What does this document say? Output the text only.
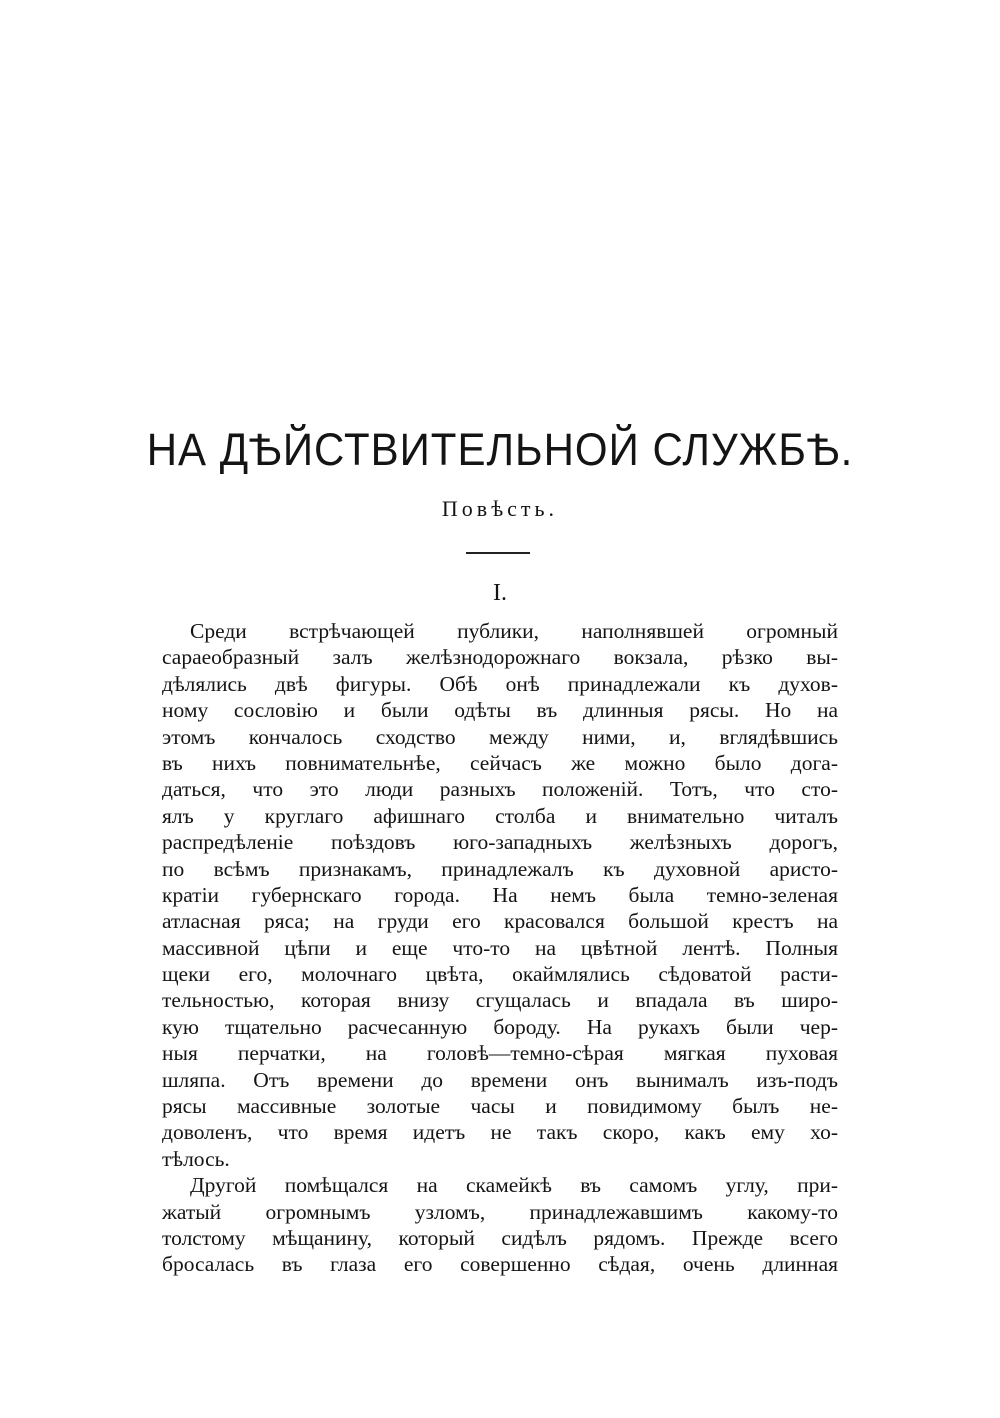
НА ДѢЙСТВИТЕЛЬНОЙ СЛУЖБѢ.
Повѣсть.
I.
Среди встрѣчающей публики, наполнявшей огромный
сараеобразный залъ желѣзнодорожнаго вокзала, рѣзко вы-
дѣлялись двѣ фигуры. Обѣ онѣ принадлежали къ духов-
ному сословію и были одѣты въ длинныя рясы. Но на
этомъ кончалось сходство между ними, и, вглядѣвшись
въ нихъ повнимательнѣе, сейчасъ же можно было дога-
даться, что это люди разныхъ положеній. Тотъ, что сто-
ялъ у круглаго афишнаго столба и внимательно читалъ
распредѣленіе поѣздовъ юго-западныхъ желѣзныхъ дорогъ,
по всѣмъ признакамъ, принадлежалъ къ духовной аристо-
кратіи губернскаго города. На немъ была темно-зеленая
атласная ряса; на груди его красовался большой крестъ на
массивной цѣпи и еще что-то на цвѣтной лентѣ. Полныя
щеки его, молочнаго цвѣта, окаймлялись сѣдоватой расти-
тельностью, которая внизу сгущалась и впадала въ широ-
кую тщательно расчесанную бороду. На рукахъ были чер-
ныя перчатки, на головѣ—темно-сѣрая мягкая пуховая
шляпа. Отъ времени до времени онъ вынималъ изъ-подъ
рясы массивные золотые часы и повидимому былъ не-
доволенъ, что время идетъ не такъ скоро, какъ ему хо-
тѣлось.
Другой помѣщался на скамейкѣ въ самомъ углу, при-
жатый огромнымъ узломъ, принадлежавшимъ какому-то
толстому мѣщанину, который сидѣлъ рядомъ. Прежде всего
бросалась въ глаза его совершенно сѣдая, очень длинная
